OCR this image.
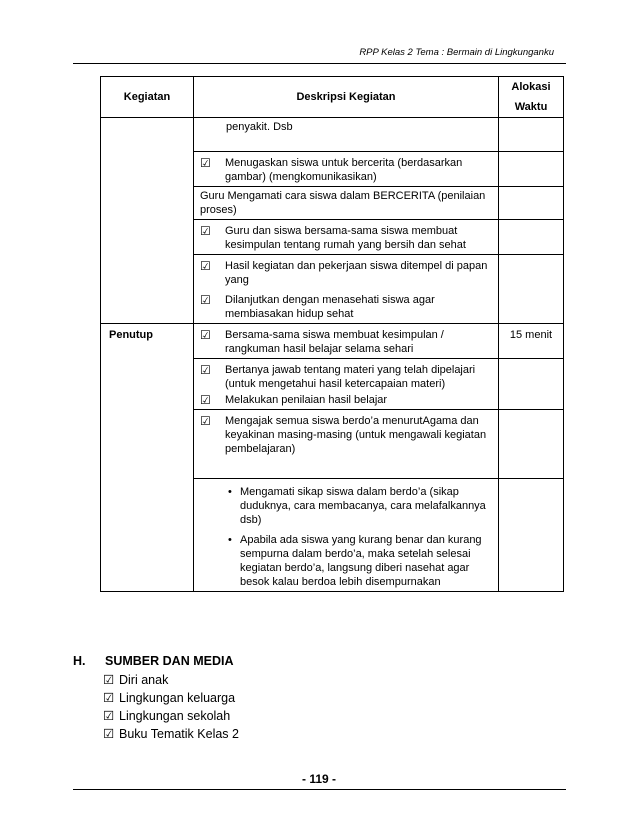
RPP Kelas 2 Tema : Bermain di Lingkunganku
Kegiatan	Deskripsi Kegiatan	Alokasi Waktu

	penyakit. Dsb	

	☑ Menugaskan siswa untuk bercerita (berdasarkan gambar) (mengkomunikasikan)	

	Guru Mengamati cara siswa dalam BERCERITA (penilaian proses)	

	☑ Guru dan siswa bersama-sama siswa membuat kesimpulan tentang rumah yang bersih dan sehat	

	☑ Hasil kegiatan dan pekerjaan siswa ditempel di papan yang
☑ Dilanjutkan dengan menasehati siswa agar membiasakan hidup sehat	

Penutup	☑ Bersama-sama siswa membuat kesimpulan / rangkuman hasil belajar selama sehari	15 menit

	☑ Bertanya jawab tentang materi yang telah dipelajari (untuk mengetahui hasil ketercapaian materi)
☑ Melakukan penilaian hasil belajar	

	☑ Mengajak semua siswa berdo’a menurutAgama dan keyakinan masing-masing (untuk mengawali kegiatan pembelajaran)	

	• Mengamati sikap siswa dalam berdo’a (sikap duduknya, cara membacanya, cara melafalkannya dsb)
• Apabila ada siswa yang kurang benar dan kurang sempurna dalam berdo’a, maka setelah selesai kegiatan berdo’a, langsung diberi nasehat agar besok kalau berdoa lebih disempurnakan	

H.	SUMBER DAN MEDIA
☑ Diri anak
☑ Lingkungan keluarga
☑ Lingkungan sekolah
☑ Buku Tematik Kelas 2
- 119 -
